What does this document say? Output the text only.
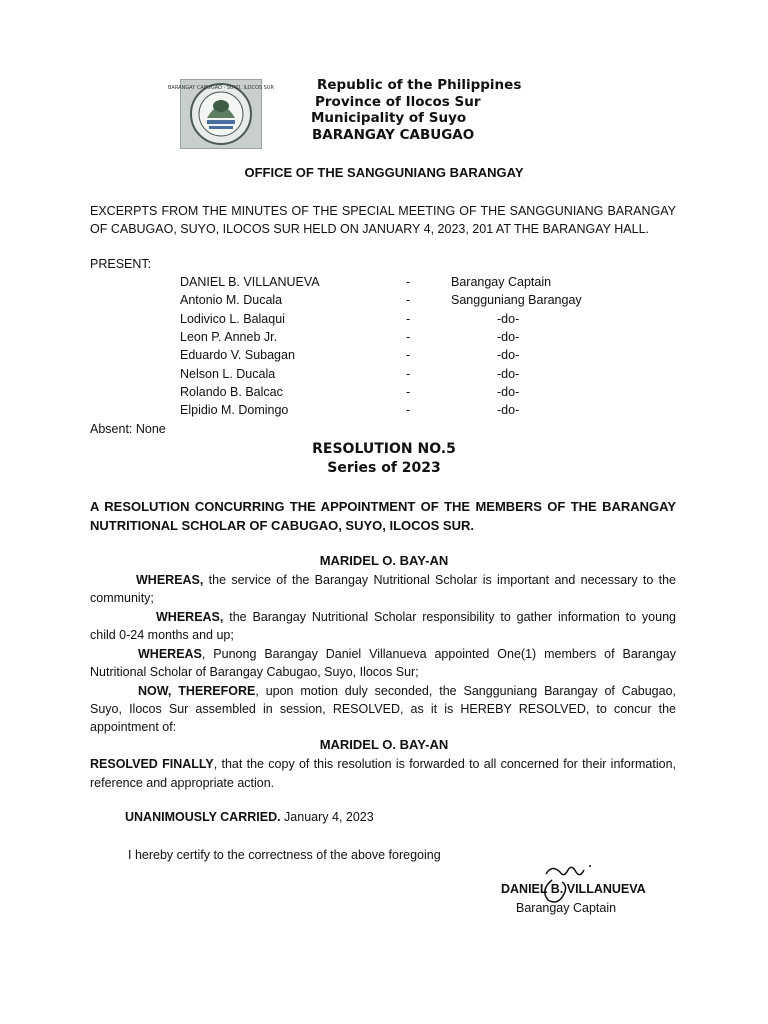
BARANGAY CABUGAO · SUYO, ILOCOS SUR	Republic of the Philippines
Province of Ilocos Sur
Municipality of Suyo
BARANGAY CABUGAO
OFFICE OF THE SANGGUNIANG BARANGAY
EXCERPTS FROM THE MINUTES OF THE SPECIAL MEETING OF THE SANGGUNIANG BARANGAY OF CABUGAO, SUYO, ILOCOS SUR HELD ON JANUARY 4, 2023, 201 AT THE BARANGAY HALL.
PRESENT:
DANIEL B. VILLANUEVA	-	Barangay Captain
Antonio M. Ducala	-	Sangguniang Barangay
Lodivico L. Balaqui	-	-do-
Leon P. Anneb Jr.	-	-do-
Eduardo V. Subagan	-	-do-
Nelson L. Ducala	-	-do-
Rolando B. Balcac	-	-do-
Elpidio M. Domingo	-	-do-
Absent: None
RESOLUTION NO.5
Series of 2023
A RESOLUTION CONCURRING THE APPOINTMENT OF THE MEMBERS OF THE BARANGAY NUTRITIONAL SCHOLAR OF CABUGAO, SUYO, ILOCOS SUR.
MARIDEL O. BAY-AN
WHEREAS, the service of the Barangay Nutritional Scholar is important and necessary to the community;
WHEREAS, the Barangay Nutritional Scholar responsibility to gather information to young child 0-24 months and up;
WHEREAS, Punong Barangay Daniel Villanueva appointed One(1) members of Barangay Nutritional Scholar of Barangay Cabugao, Suyo, Ilocos Sur;
NOW, THEREFORE, upon motion duly seconded, the Sangguniang Barangay of Cabugao, Suyo, Ilocos Sur assembled in session, RESOLVED, as it is HEREBY RESOLVED, to concur the appointment of:
MARIDEL O. BAY-AN
RESOLVED FINALLY, that the copy of this resolution is forwarded to all concerned for their information, reference and appropriate action.
UNANIMOUSLY CARRIED. January 4, 2023
I hereby certify to the correctness of the above foregoing
DANIEL B. VILLANUEVA
Barangay Captain
